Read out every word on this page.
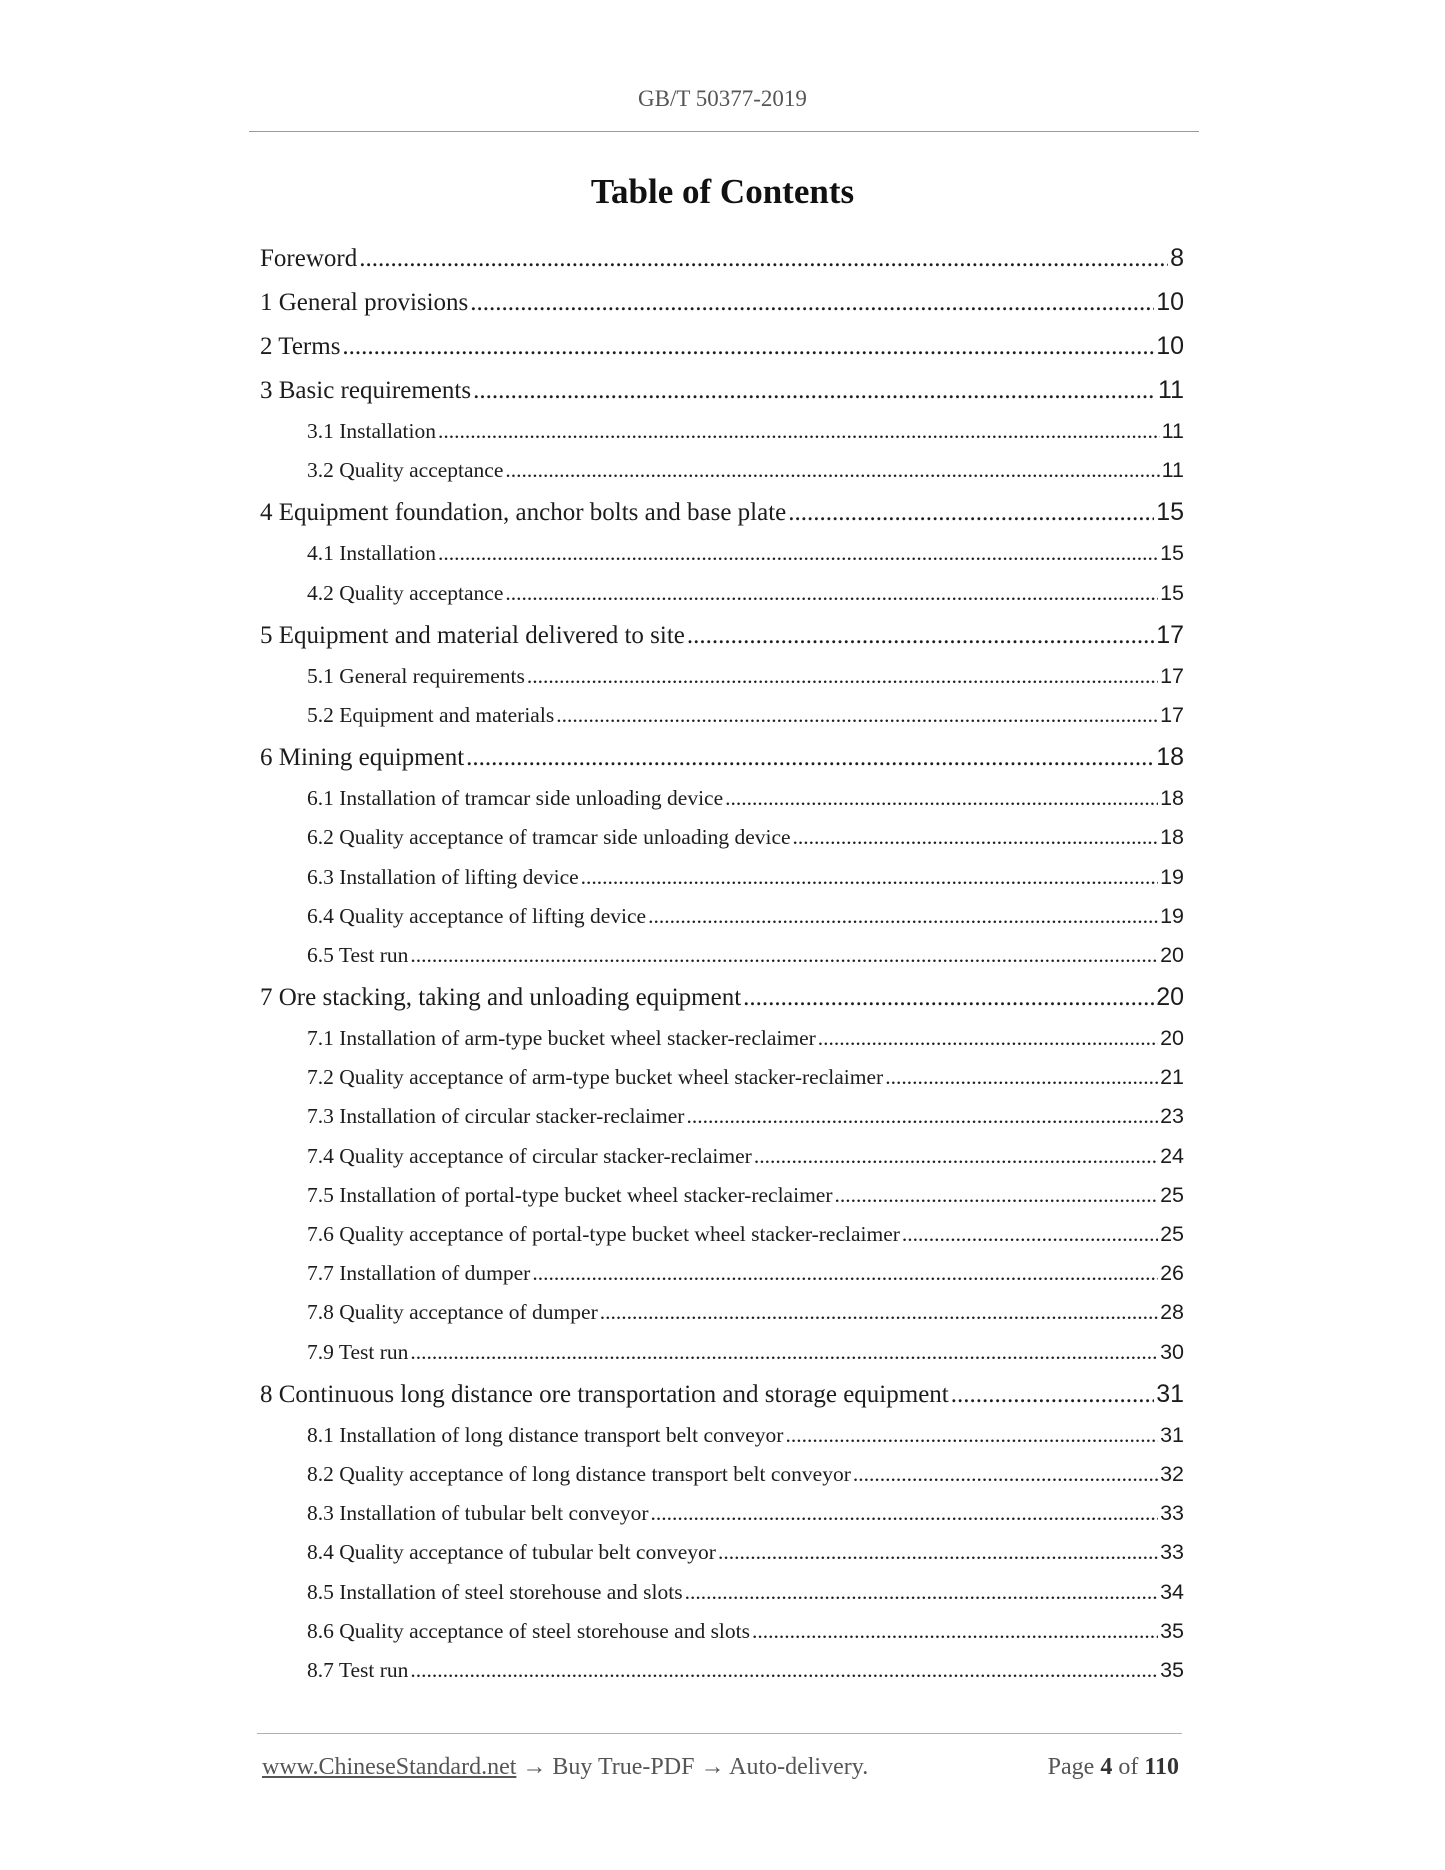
GB/T 50377-2019
Table of Contents
Foreword .....	8
1 General provisions .....	10
2 Terms .....	10
3 Basic requirements .....	11
3.1 Installation .....	11
3.2 Quality acceptance .....	11
4 Equipment foundation, anchor bolts and base plate .....	15
4.1 Installation .....	15
4.2 Quality acceptance .....	15
5 Equipment and material delivered to site .....	17
5.1 General requirements .....	17
5.2 Equipment and materials .....	17
6 Mining equipment .....	18
6.1 Installation of tramcar side unloading device .....	18
6.2 Quality acceptance of tramcar side unloading device .....	18
6.3 Installation of lifting device .....	19
6.4 Quality acceptance of lifting device .....	19
6.5 Test run .....	20
7 Ore stacking, taking and unloading equipment .....	20
7.1 Installation of arm-type bucket wheel stacker-reclaimer .....	20
7.2 Quality acceptance of arm-type bucket wheel stacker-reclaimer .....	21
7.3 Installation of circular stacker-reclaimer .....	23
7.4 Quality acceptance of circular stacker-reclaimer .....	24
7.5 Installation of portal-type bucket wheel stacker-reclaimer .....	25
7.6 Quality acceptance of portal-type bucket wheel stacker-reclaimer .....	25
7.7 Installation of dumper .....	26
7.8 Quality acceptance of dumper .....	28
7.9 Test run .....	30
8 Continuous long distance ore transportation and storage equipment .....	31
8.1 Installation of long distance transport belt conveyor .....	31
8.2 Quality acceptance of long distance transport belt conveyor .....	32
8.3 Installation of tubular belt conveyor .....	33
8.4 Quality acceptance of tubular belt conveyor .....	33
8.5 Installation of steel storehouse and slots .....	34
8.6 Quality acceptance of steel storehouse and slots .....	35
8.7 Test run .....	35
www.ChineseStandard.net → Buy True-PDF → Auto-delivery.	Page 4 of 110
